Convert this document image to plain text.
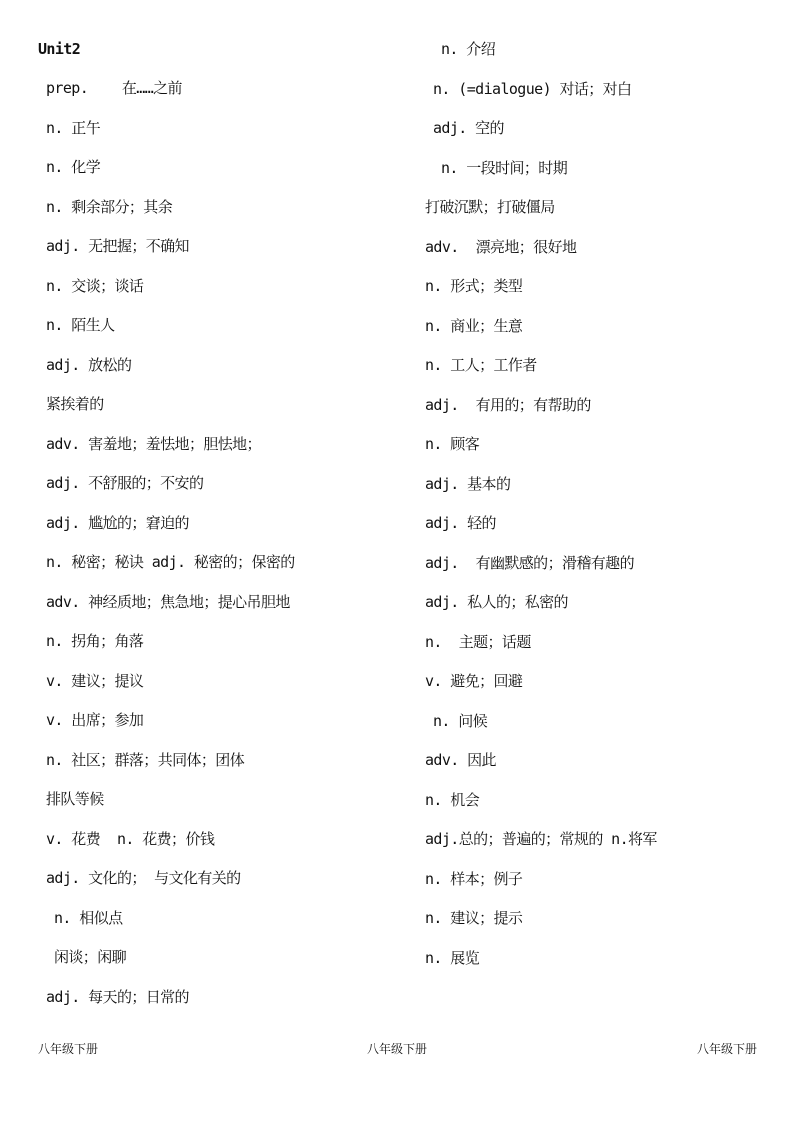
Unit2
prep.    在……之前
n. 正午
n. 化学
n. 剩余部分；其余
adj. 无把握；不确知
n. 交谈；谈话
n. 陌生人
adj. 放松的
紧挨着的
adv. 害羞地；羞怯地；胆怯地；
adj. 不舒服的；不安的
adj. 尴尬的；窘迫的
n. 秘密；秘诀 adj. 秘密的；保密的
adv. 神经质地；焦急地；提心吊胆地
n. 拐角；角落
v. 建议；提议
v. 出席；参加
n. 社区；群落；共同体；团体
排队等候
v. 花费  n. 花费；价钱
adj. 文化的； 与文化有关的
n. 相似点
闲谈；闲聊
adj. 每天的；日常的
n. 介绍
n. (=dialogue) 对话；对白
adj. 空的
n. 一段时间；时期
打破沉默；打破僵局
adv.  漂亮地；很好地
n. 形式；类型
n. 商业；生意
n. 工人；工作者
adj.  有用的；有帮助的
n. 顾客
adj. 基本的
adj. 轻的
adj.  有幽默感的；滑稽有趣的
adj. 私人的；私密的
n.  主题；话题
v. 避免；回避
n. 问候
adv. 因此
n. 机会
adj.总的；普遍的；常规的 n.将军
n. 样本；例子
n. 建议；提示
n. 展览
八年级下册	八年级下册	八年级下册
